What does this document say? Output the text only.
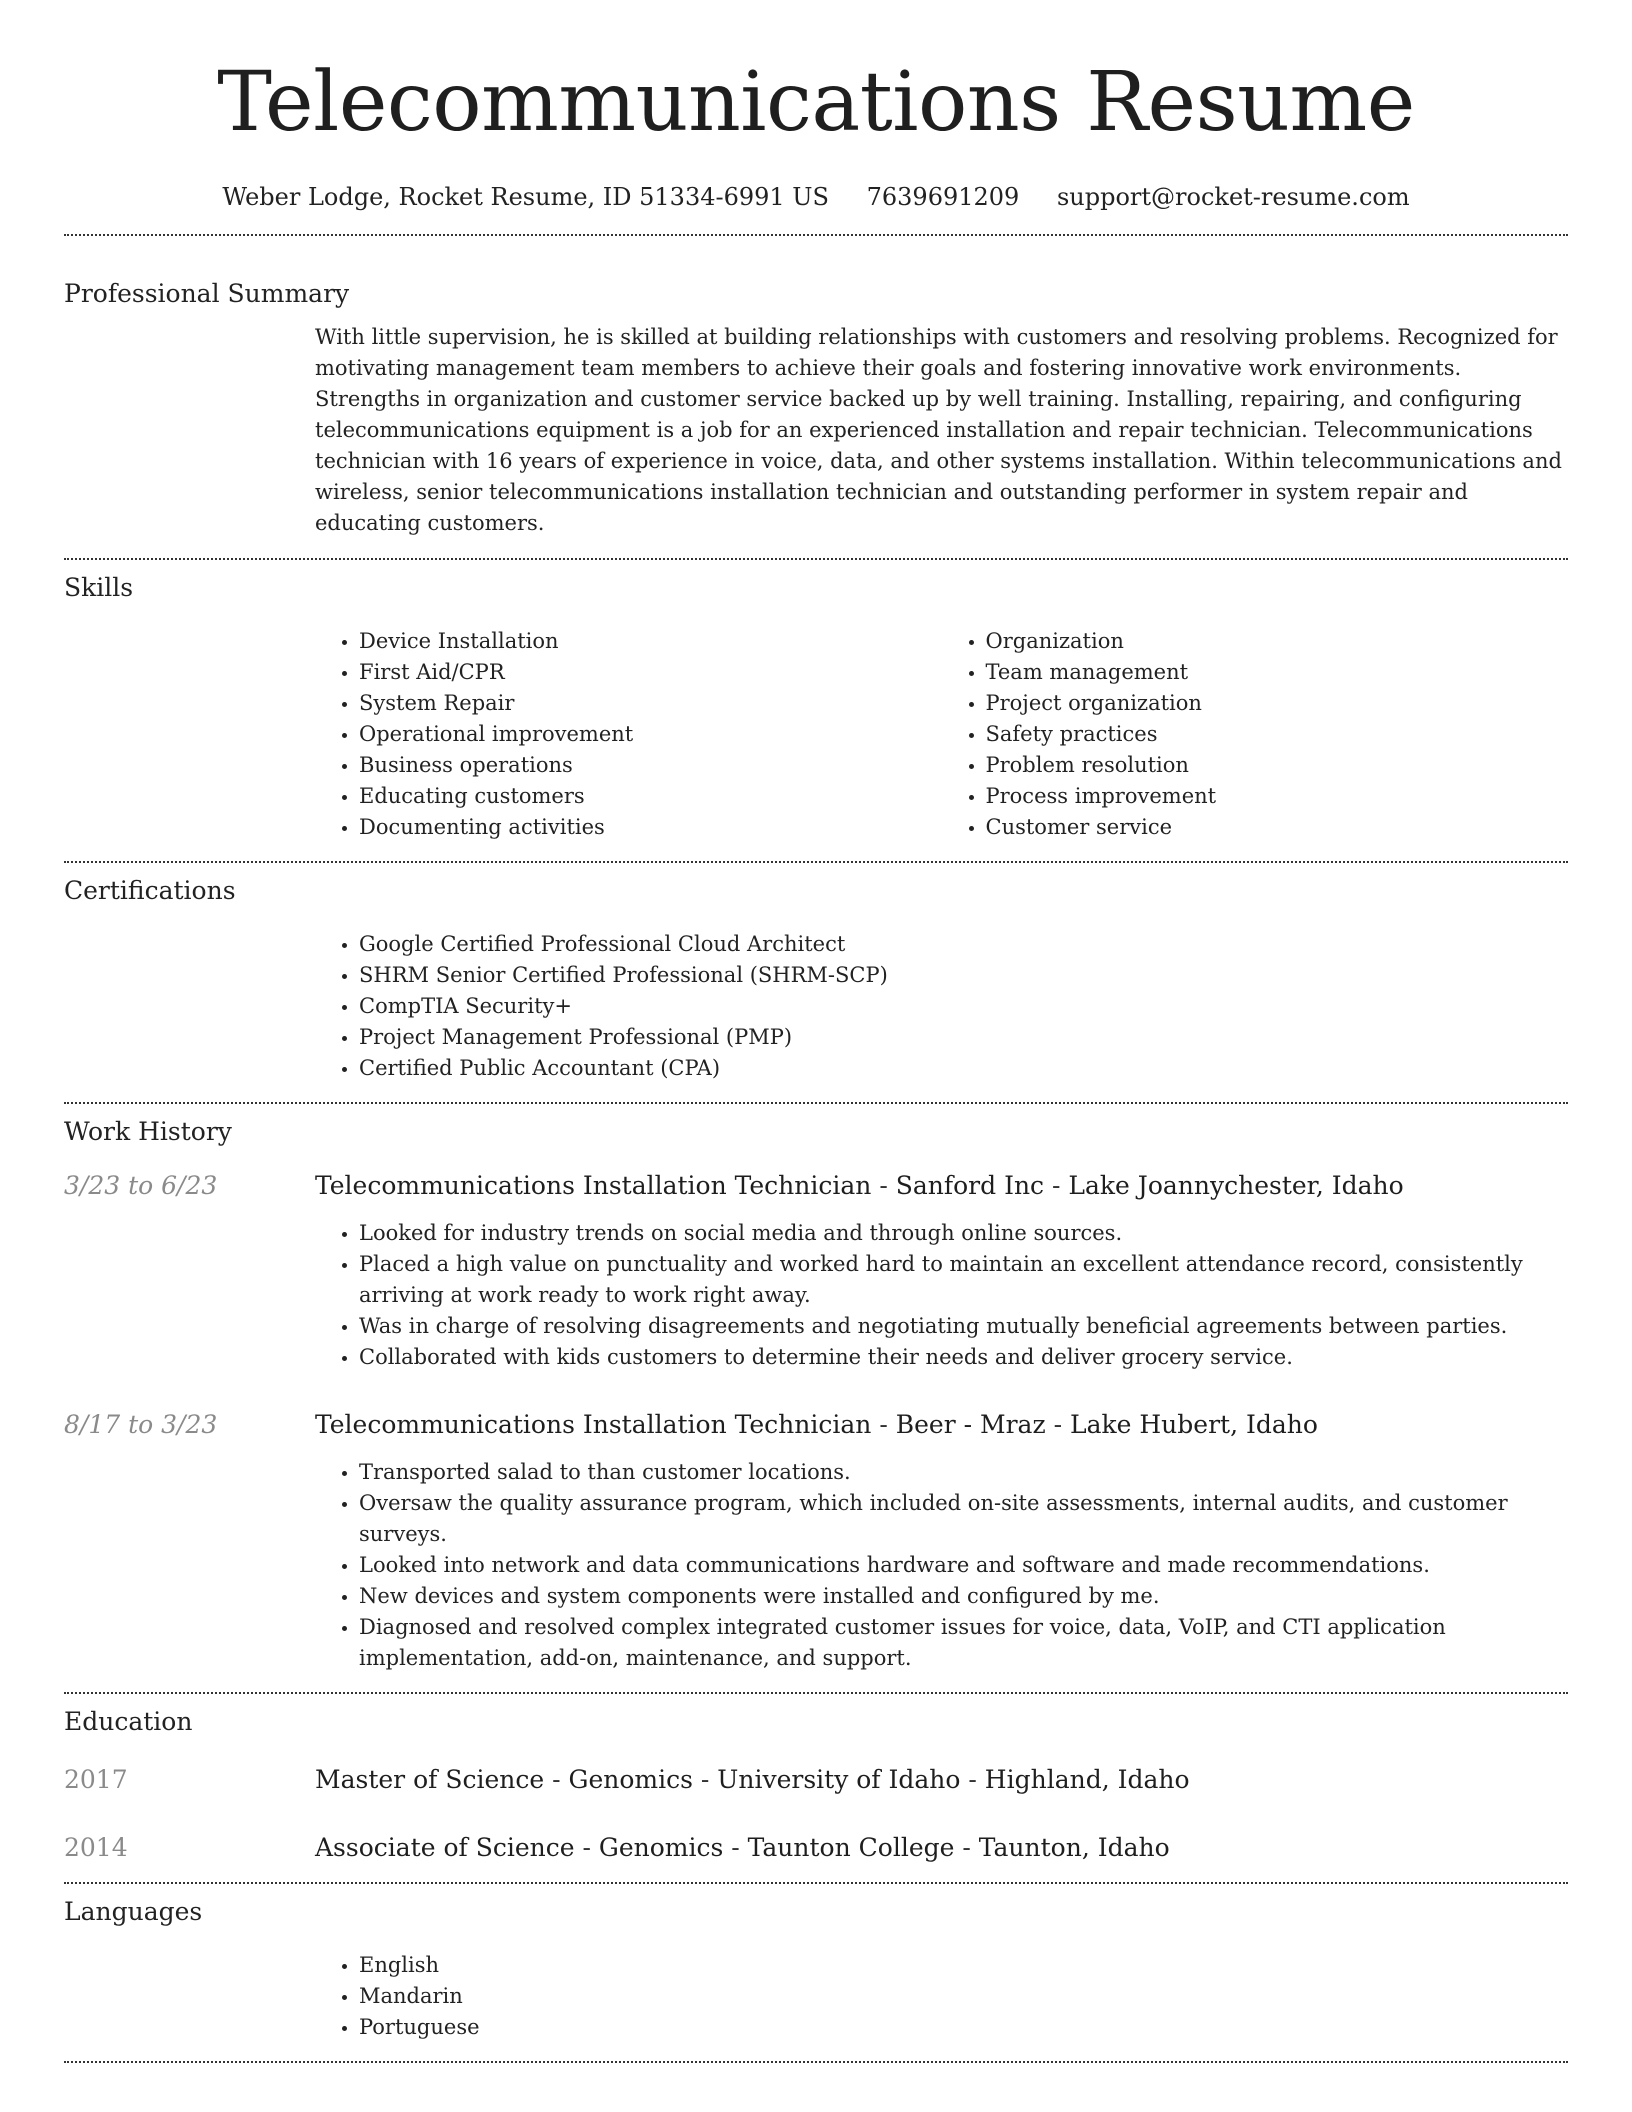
Telecommunications Resume
Weber Lodge, Rocket Resume, ID 51334-6991 US 7639691209 support@rocket-resume.com
Professional Summary
With little supervision, he is skilled at building relationships with customers and resolving problems. Recognized for motivating management team members to achieve their goals and fostering innovative work environments. Strengths in organization and customer service backed up by well training. Installing, repairing, and configuring telecommunications equipment is a job for an experienced installation and repair technician. Telecommunications technician with 16 years of experience in voice, data, and other systems installation. Within telecommunications and wireless, senior telecommunications installation technician and outstanding performer in system repair and educating customers.
Skills
• Device Installation
• First Aid/CPR
• System Repair
• Operational improvement
• Business operations
• Educating customers
• Documenting activities
• Organization
• Team management
• Project organization
• Safety practices
• Problem resolution
• Process improvement
• Customer service
Certifications
• Google Certified Professional Cloud Architect
• SHRM Senior Certified Professional (SHRM-SCP)
• CompTIA Security+
• Project Management Professional (PMP)
• Certified Public Accountant (CPA)
Work History
3/23 to 6/23	Telecommunications Installation Technician - Sanford Inc - Lake Joannychester, Idaho
• Looked for industry trends on social media and through online sources.
• Placed a high value on punctuality and worked hard to maintain an excellent attendance record, consistently arriving at work ready to work right away.
• Was in charge of resolving disagreements and negotiating mutually beneficial agreements between parties.
• Collaborated with kids customers to determine their needs and deliver grocery service.
8/17 to 3/23	Telecommunications Installation Technician - Beer - Mraz - Lake Hubert, Idaho
• Transported salad to than customer locations.
• Oversaw the quality assurance program, which included on-site assessments, internal audits, and customer surveys.
• Looked into network and data communications hardware and software and made recommendations.
• New devices and system components were installed and configured by me.
• Diagnosed and resolved complex integrated customer issues for voice, data, VoIP, and CTI application implementation, add-on, maintenance, and support.
Education
2017	Master of Science - Genomics - University of Idaho - Highland, Idaho
2014	Associate of Science - Genomics - Taunton College - Taunton, Idaho
Languages
• English
• Mandarin
• Portuguese
